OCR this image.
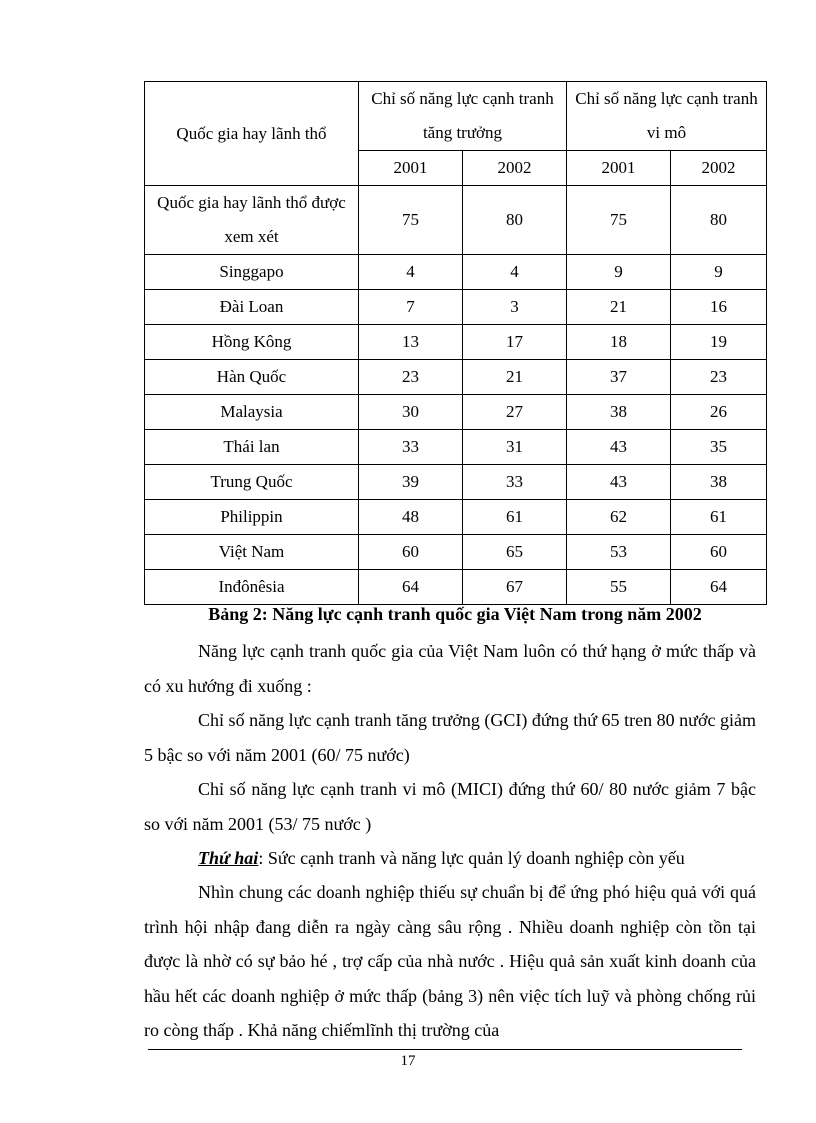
Quốc gia hay lãnh thổ	Chỉ số năng lực cạnh tranh tăng trưởng		Chỉ số năng lực cạnh tranh vi mô	
	2001	2002	2001	2002
Quốc gia hay lãnh thổ được xem xét	75	80	75	80
Singgapo	4	4	9	9
Đài Loan	7	3	21	16
Hồng Kông	13	17	18	19
Hàn Quốc	23	21	37	23
Malaysia	30	27	38	26
Thái lan	33	31	43	35
Trung Quốc	39	33	43	38
Philippin	48	61	62	61
Việt Nam	60	65	53	60
Inđônêsia	64	67	55	64
Bảng 2: Năng lực cạnh tranh quốc gia Việt Nam trong năm 2002
Năng lực cạnh tranh quốc gia của Việt Nam luôn có thứ hạng ở mức thấp và có xu hướng đi xuống :
Chỉ số năng lực cạnh tranh tăng trưởng (GCI) đứng thứ 65 tren 80 nước giảm 5 bậc so với năm 2001 (60/ 75 nước)
Chỉ số năng lực cạnh tranh vi mô (MICI) đứng thứ 60/ 80 nước giảm 7 bậc so với năm 2001 (53/ 75 nước )
Thứ hai: Sức cạnh tranh và năng lực quản lý doanh nghiệp còn yếu
Nhìn chung các doanh nghiệp thiếu sự chuẩn bị để ứng phó hiệu quả với quá trình hội nhập đang diễn ra ngày càng sâu rộng . Nhiều doanh nghiệp còn tồn tại được là nhờ có sự bảo hé , trợ cấp của nhà nước . Hiệu quả sản xuất kinh doanh của hầu hết các doanh nghiệp ở mức thấp (bảng 3) nên việc tích luỹ và phòng chống rủi ro còng thấp . Khả năng chiếmlĩnh thị trường của
17
